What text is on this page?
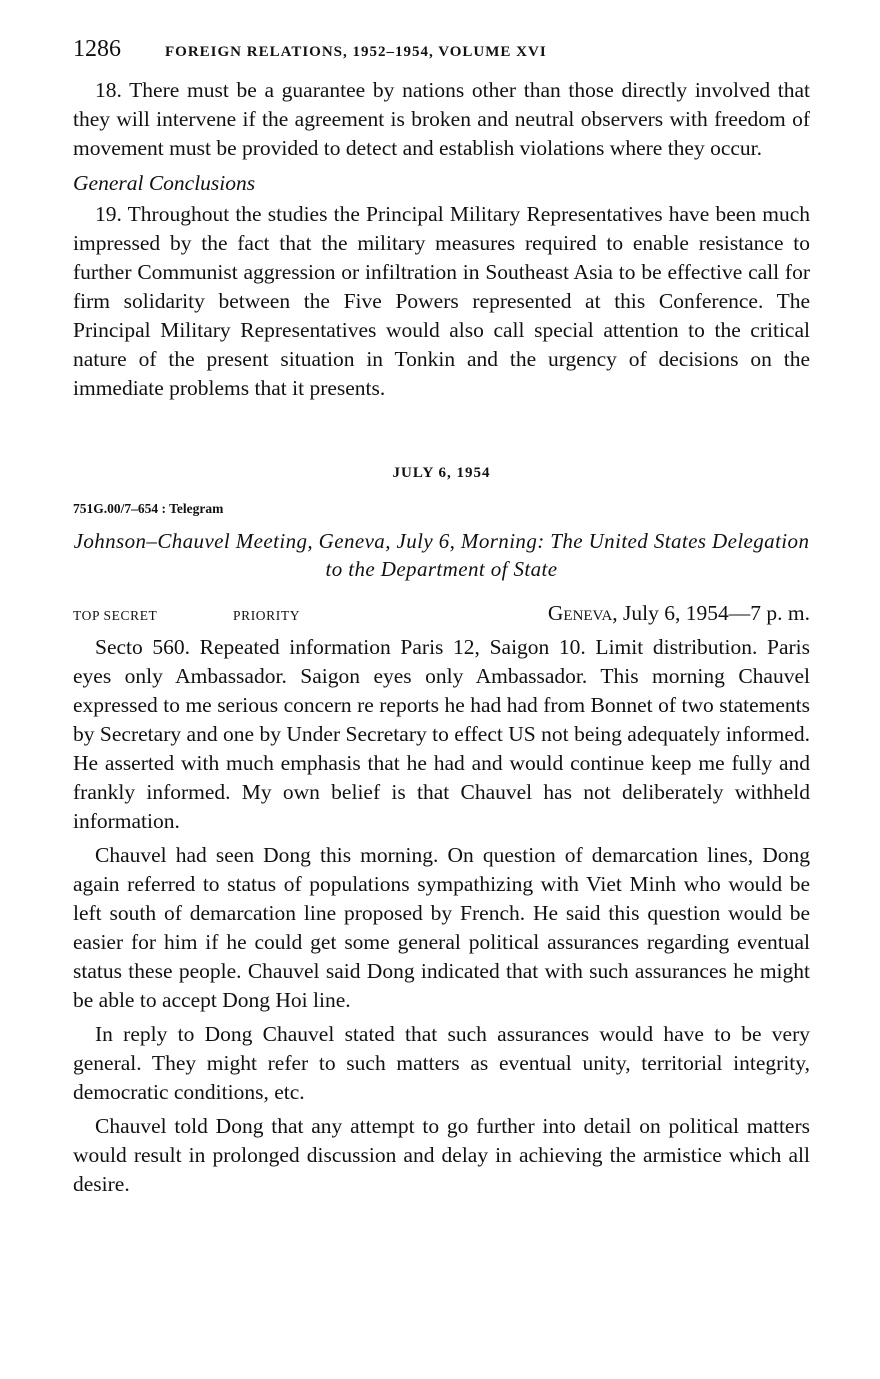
1286	FOREIGN RELATIONS, 1952–1954, VOLUME XVI

18. There must be a guarantee by nations other than those directly involved that they will intervene if the agreement is broken and neutral observers with freedom of movement must be provided to detect and establish violations where they occur.

General Conclusions

19. Throughout the studies the Principal Military Representatives have been much impressed by the fact that the military measures required to enable resistance to further Communist aggression or infiltration in Southeast Asia to be effective call for firm solidarity between the Five Powers represented at this Conference. The Principal Military Representatives would also call special attention to the critical nature of the present situation in Tonkin and the urgency of decisions on the immediate problems that it presents.

JULY 6, 1954
751G.00/7–654 : Telegram
Johnson–Chauvel Meeting, Geneva, July 6, Morning: The United States Delegation to the Department of State
TOP SECRET	PRIORITY	Geneva, July 6, 1954—7 p. m.

Secto 560. Repeated information Paris 12, Saigon 10. Limit distribution. Paris eyes only Ambassador. Saigon eyes only Ambassador. This morning Chauvel expressed to me serious concern re reports he had had from Bonnet of two statements by Secretary and one by Under Secretary to effect US not being adequately informed. He asserted with much emphasis that he had and would continue keep me fully and frankly informed. My own belief is that Chauvel has not deliberately withheld information.

Chauvel had seen Dong this morning. On question of demarcation lines, Dong again referred to status of populations sympathizing with Viet Minh who would be left south of demarcation line proposed by French. He said this question would be easier for him if he could get some general political assurances regarding eventual status these people. Chauvel said Dong indicated that with such assurances he might be able to accept Dong Hoi line.

In reply to Dong Chauvel stated that such assurances would have to be very general. They might refer to such matters as eventual unity, territorial integrity, democratic conditions, etc.

Chauvel told Dong that any attempt to go further into detail on political matters would result in prolonged discussion and delay in achieving the armistice which all desire.
